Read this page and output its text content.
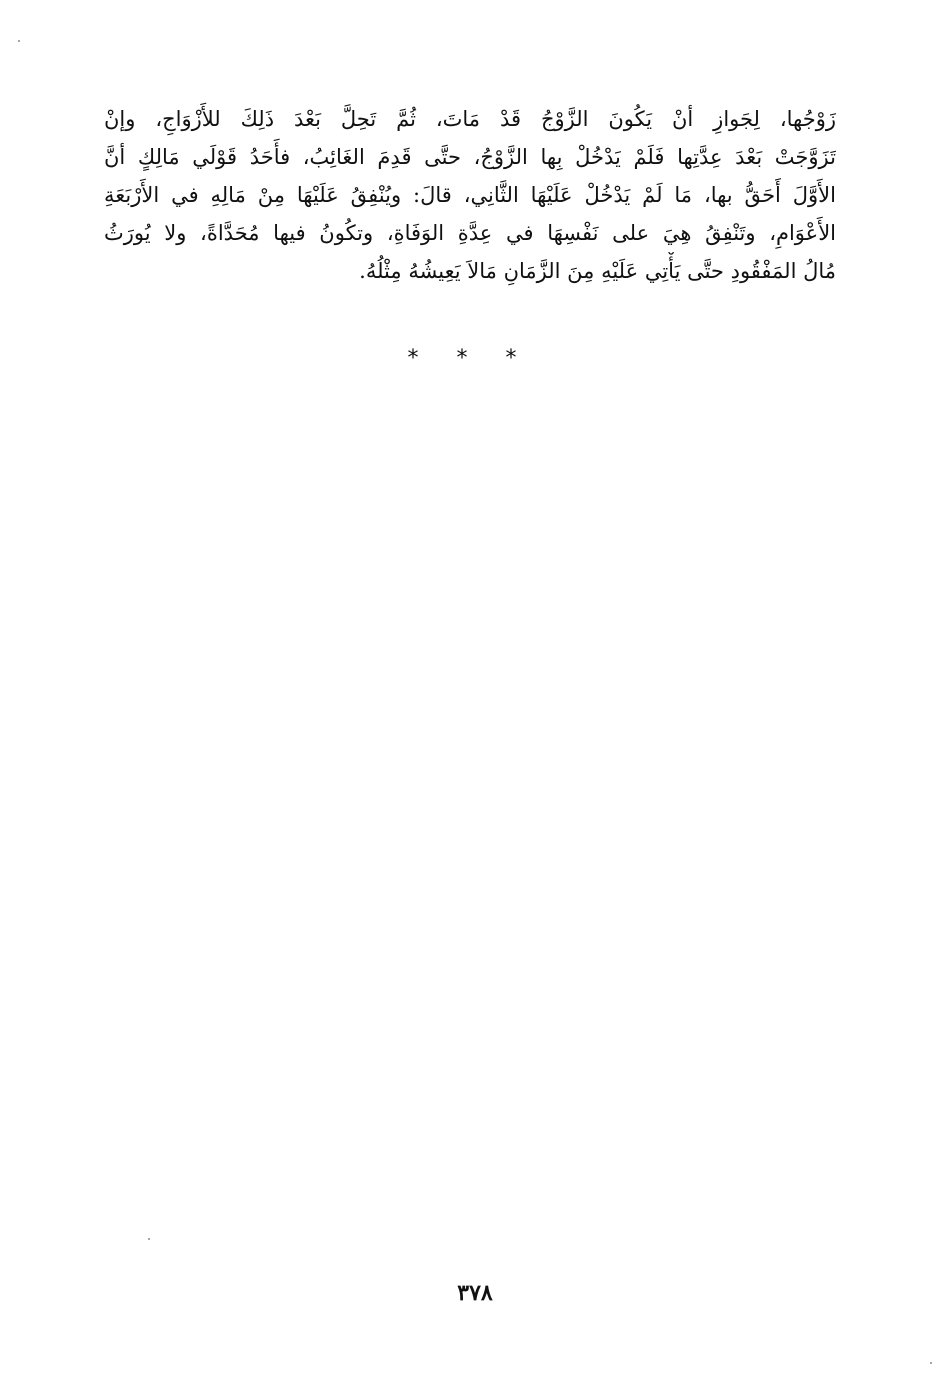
زَوْجُها، لِجَوازِ أنْ يَكُونَ الزَّوْجُ قَدْ مَاتَ، ثُمَّ تَحِلَّ بَعْدَ ذَلِكَ للأَزْوَاجِ، وإنْ
تَزَوَّجَتْ بَعْدَ عِدَّتِها فَلَمْ يَدْخُلْ بِها الزَّوْجُ، حتَّى قَدِمَ الغَائِبُ، فأَحَدُ قَوْلَي مَالِكٍ أنَّ
الأَوَّلَ أَحَقُّ بها، مَا لَمْ يَدْخُلْ عَلَيْهَا الثَّانِي، قالَ: ويُنْفِقُ عَلَيْهَا مِنْ مَالِهِ في الأَرْبَعَةِ
الأَعْوَامِ، وتَنْفِقُ هِيَ على نَفْسِهَا في عِدَّةِ الوَفَاةِ، وتكُونُ فيها مُحَدَّاةً، ولا يُورَثُ
مُالُ المَفْقُودِ حتَّى يَأْتِي عَلَيْهِ مِنَ الزَّمَانِ مَالاَ يَعِيشُهُ مِثْلُهُ.
* * *
٣٧٨
